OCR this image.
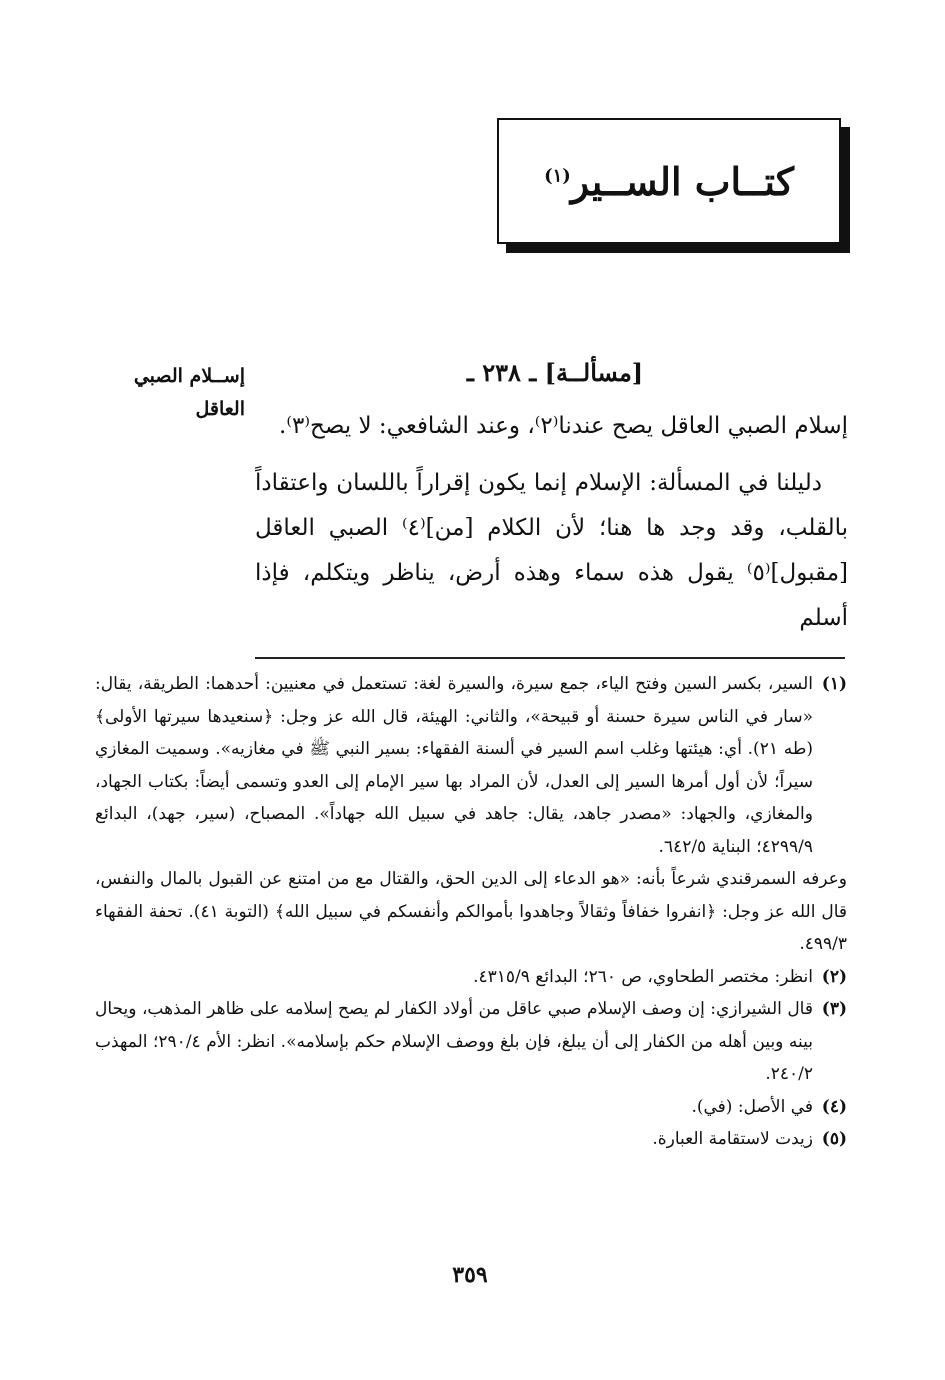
كتــاب الســير$^{(١)}$
إســلام الصبي
العاقل
[مسألــة] ـ ٢٣٨ ـ

إسلام الصبي العاقل يصح عندنا⁽٢⁾، وعند الشافعي: لا يصح⁽٣⁾.

دليلنا في المسألة: الإسلام إنما يكون إقراراً باللسان واعتقاداً بالقلب، وقد وجد ها هنا؛ لأن الكلام [من]⁽٤⁾ الصبي العاقل [مقبول]⁽٥⁾ يقول هذه سماء وهذه أرض، يناظر ويتكلم، فإذا أسلم

(١)
السير، بكسر السين وفتح الياء، جمع سيرة، والسيرة لغة: تستعمل في معنيين: أحدهما: الطريقة، يقال: «سار في الناس سيرة حسنة أو قبيحة»، والثاني: الهيئة، قال الله عز وجل: ﴿سنعيدها سيرتها الأولى﴾ (طه ٢١). أي: هيئتها وغلب اسم السير في ألسنة الفقهاء: بسير النبي ﷺ في مغازيه». وسميت المغازي سيراً؛ لأن أول أمرها السير إلى العدل، لأن المراد بها سير الإمام إلى العدو وتسمى أيضاً: بكتاب الجهاد، والمغازي، والجهاد: «مصدر جاهد، يقال: جاهد في سبيل الله جهاداً». المصباح، (سير، جهد)، البدائع ٤٢٩٩/٩؛ البناية ٦٤٢/٥.
وعرفه السمرقندي شرعاً بأنه: «هو الدعاء إلى الدين الحق، والقتال مع من امتنع عن القبول بالمال والنفس، قال الله عز وجل: ﴿انفروا خفافاً وثقالاً وجاهدوا بأموالكم وأنفسكم في سبيل الله﴾ (التوبة ٤١). تحفة الفقهاء ٤٩٩/٣.
(٢)
انظر: مختصر الطحاوي، ص ٢٦٠؛ البدائع ٤٣١٥/٩.
(٣)
قال الشيرازي: إن وصف الإسلام صبي عاقل من أولاد الكفار لم يصح إسلامه على ظاهر المذهب، ويحال بينه وبين أهله من الكفار إلى أن يبلغ، فإن بلغ ووصف الإسلام حكم بإسلامه». انظر: الأم ٢٩٠/٤؛ المهذب ٢٤٠/٢.
(٤)
في الأصل: (في).
(٥)
زيدت لاستقامة العبارة.
٣٥٩
